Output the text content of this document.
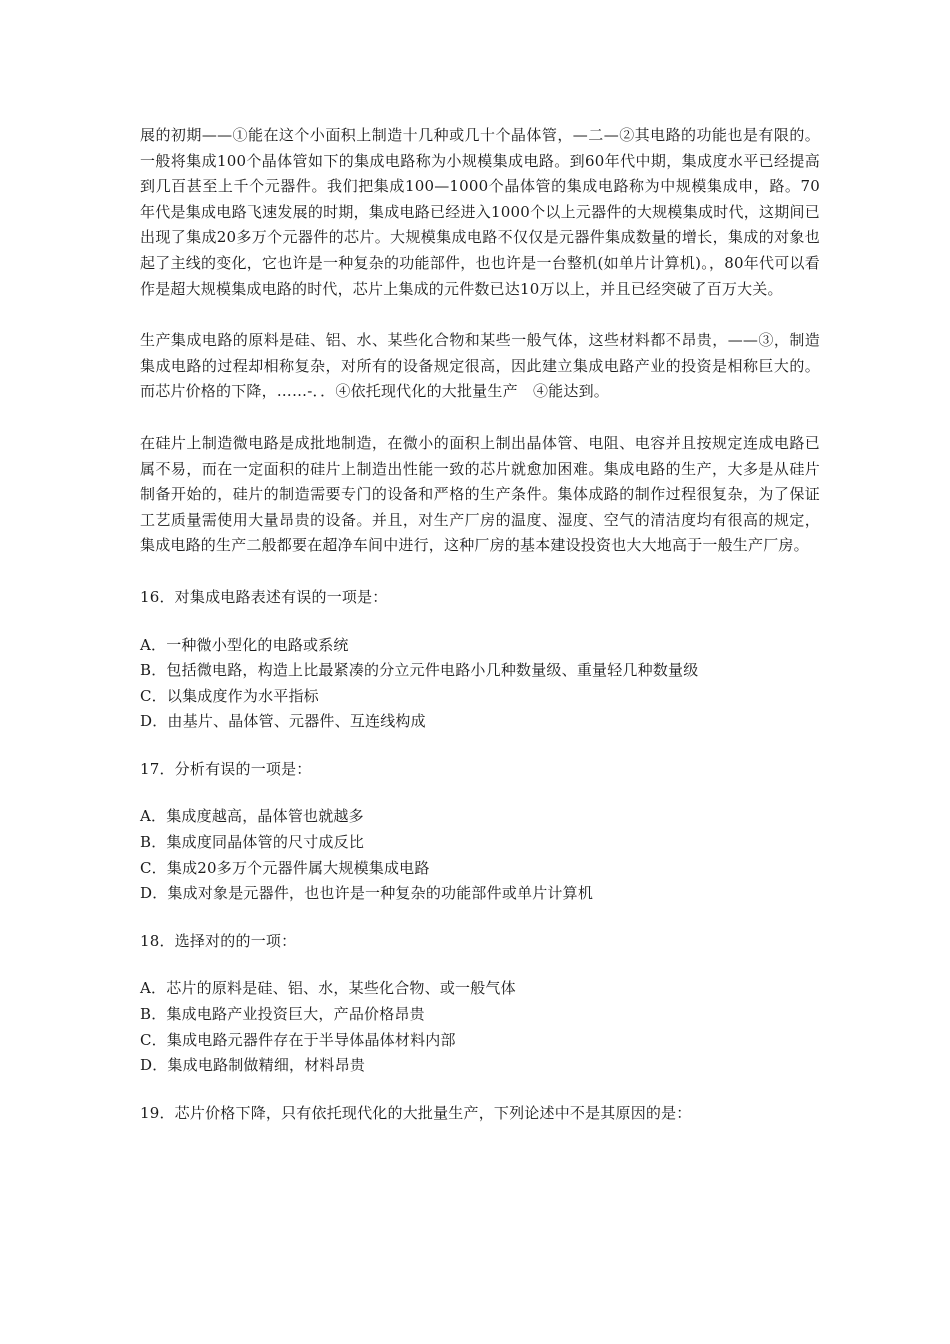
展的初期——①能在这个小面积上制造十几种或几十个晶体管，—二—②其电路的功能也是有限的。一般将集成100个晶体管如下的集成电路称为小规模集成电路。到60年代中期，集成度水平已经提高到几百甚至上千个元器件。我们把集成100—1000个晶体管的集成电路称为中规模集成申，路。70年代是集成电路飞速发展的时期，集成电路已经进入1000个以上元器件的大规模集成时代，这期间已出现了集成20多万个元器件的芯片。大规模集成电路不仅仅是元器件集成数量的增长，集成的对象也起了主线的变化，它也许是一种复杂的功能部件，也也许是一台整机(如单片计算机)。，80年代可以看作是超大规模集成电路的时代，芯片上集成的元件数已达10万以上，并且已经突破了百万大关。

生产集成电路的原料是硅、铝、水、某些化合物和某些一般气体，这些材料都不昂贵，——③，制造集成电路的过程却相称复杂，对所有的设备规定很高，因此建立集成电路产业的投资是相称巨大的。而芯片价格的下降，……-．．④依托现代化的大批量生产　④能达到。

在硅片上制造微电路是成批地制造，在微小的面积上制出晶体管、电阻、电容并且按规定连成电路已属不易，而在一定面积的硅片上制造出性能一致的芯片就愈加困难。集成电路的生产，大多是从硅片制备开始的，硅片的制造需要专门的设备和严格的生产条件。集体成路的制作过程很复杂，为了保证工艺质量需使用大量昂贵的设备。并且，对生产厂房的温度、湿度、空气的清洁度均有很高的规定，集成电路的生产二般都要在超净车间中进行，这种厂房的基本建设投资也大大地高于一般生产厂房。

16．对集成电路表述有误的一项是：

A．一种微小型化的电路或系统
B．包括微电路，构造上比最紧凑的分立元件电路小几种数量级、重量轻几种数量级
C．以集成度作为水平指标
D．由基片、晶体管、元器件、互连线构成

17．分析有误的一项是：

A．集成度越高，晶体管也就越多
B．集成度同晶体管的尺寸成反比
C．集成20多万个元器件属大规模集成电路
D．集成对象是元器件，也也许是一种复杂的功能部件或单片计算机

18．选择对的的一项：

A．芯片的原料是硅、铝、水，某些化合物、或一般气体
B．集成电路产业投资巨大，产品价格昂贵
C．集成电路元器件存在于半导体晶体材料内部
D．集成电路制做精细，材料昂贵

19．芯片价格下降，只有依托现代化的大批量生产，下列论述中不是其原因的是：
